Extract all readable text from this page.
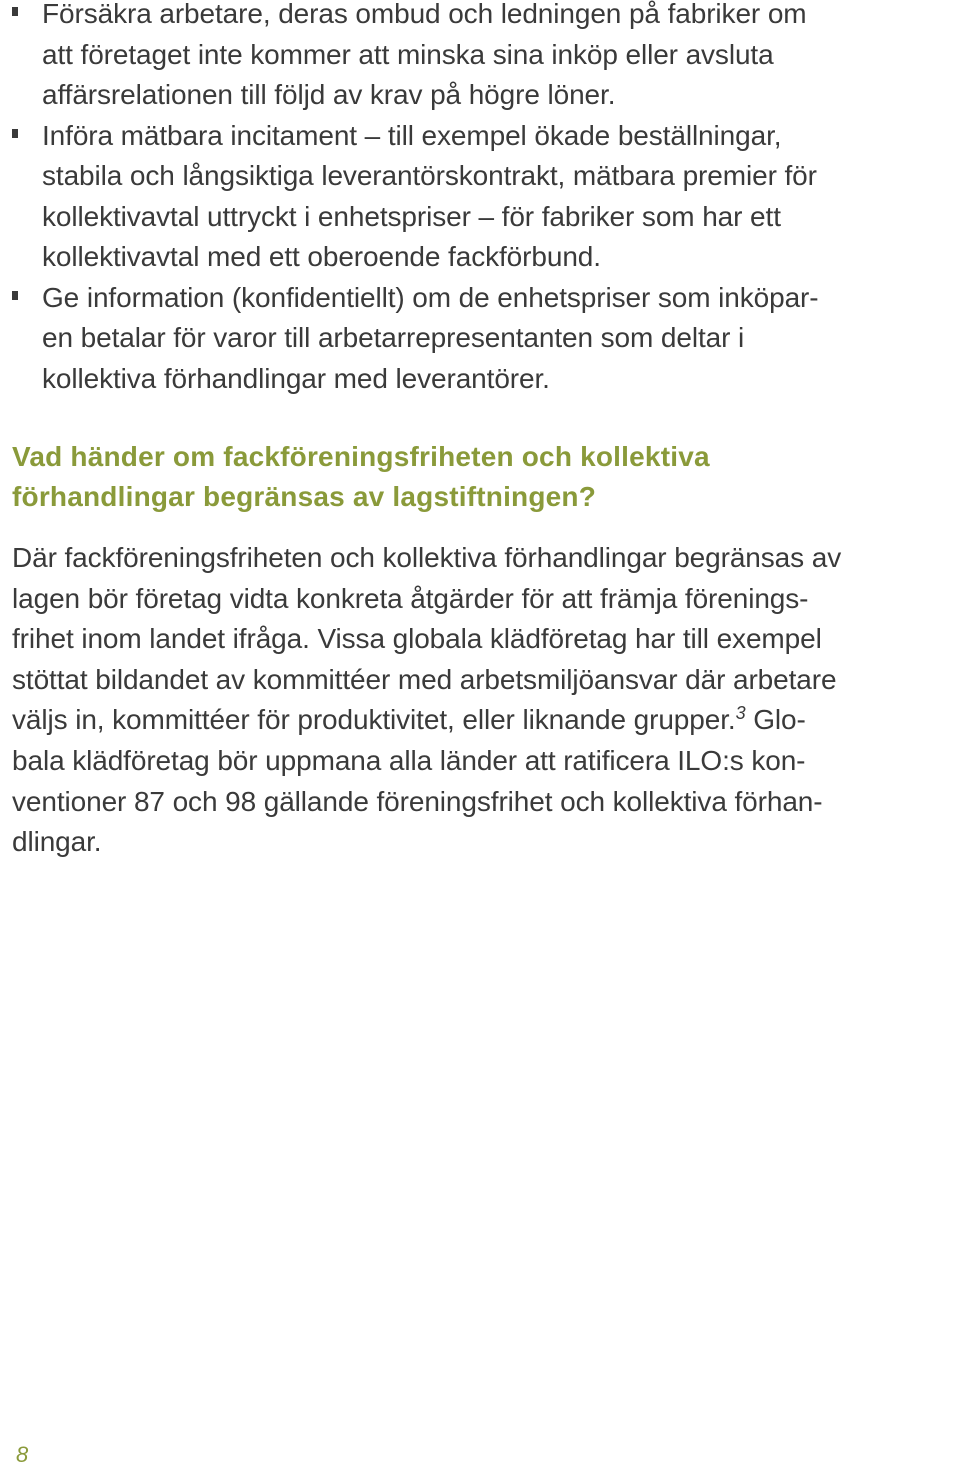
Försäkra arbetare, deras ombud och ledningen på fabriker om
att företaget inte kommer att minska sina inköp eller avsluta
affärsrelationen till följd av krav på högre löner.
Införa mätbara incitament – till exempel ökade beställningar,
stabila och långsiktiga leverantörskontrakt, mätbara premier för
kollektivavtal uttryckt i enhetspriser – för fabriker som har ett
kollektivavtal med ett oberoende fackförbund.
Ge information (konfidentiellt) om de enhetspriser som inköpar-
en betalar för varor till arbetarrepresentanten som deltar i
kollektiva förhandlingar med leverantörer.
Vad händer om fackföreningsfriheten och kollektiva
förhandlingar begränsas av lagstiftningen?

Där fackföreningsfriheten och kollektiva förhandlingar begränsas av
lagen bör företag vidta konkreta åtgärder för att främja förenings-
frihet inom landet ifråga. Vissa globala klädföretag har till exempel
stöttat bildandet av kommittéer med arbetsmiljöansvar där arbetare
väljs in, kommittéer för produktivitet, eller liknande grupper.$^3$ Glo-
bala klädföretag bör uppmana alla länder att ratificera ILO:s kon-
ventioner 87 och 98 gällande föreningsfrihet och kollektiva förhan-
dlingar.

8
